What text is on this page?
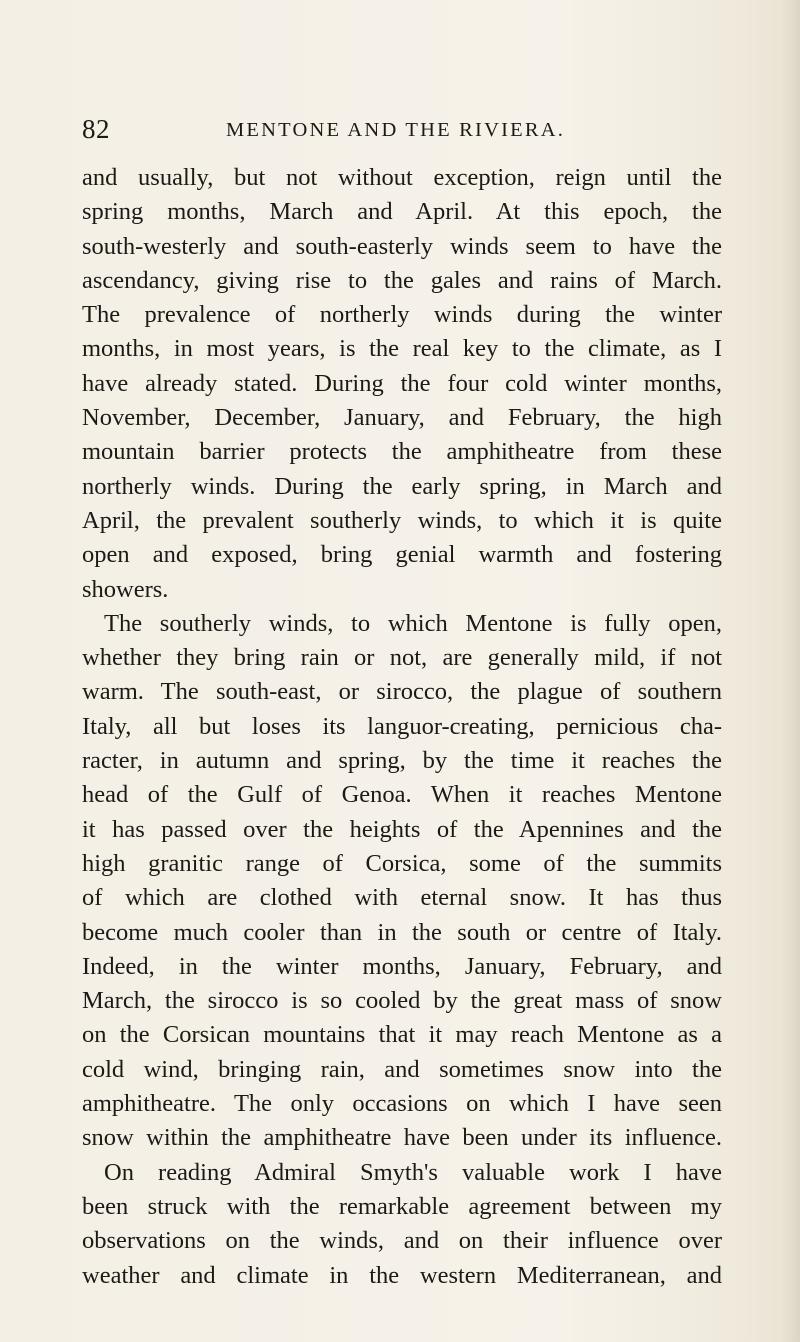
82	MENTONE AND THE RIVIERA.
and usually, but not without exception, reign until the
spring months, March and April. At this epoch, the
south-westerly and south-easterly winds seem to have the
ascendancy, giving rise to the gales and rains of March.
The prevalence of northerly winds during the winter
months, in most years, is the real key to the climate, as I
have already stated. During the four cold winter months,
November, December, January, and February, the high
mountain barrier protects the amphitheatre from these
northerly winds. During the early spring, in March and
April, the prevalent southerly winds, to which it is quite
open and exposed, bring genial warmth and fostering
showers.
The southerly winds, to which Mentone is fully open,
whether they bring rain or not, are generally mild, if not
warm. The south-east, or sirocco, the plague of southern
Italy, all but loses its languor-creating, pernicious cha-
racter, in autumn and spring, by the time it reaches the
head of the Gulf of Genoa. When it reaches Mentone
it has passed over the heights of the Apennines and the
high granitic range of Corsica, some of the summits
of which are clothed with eternal snow. It has thus
become much cooler than in the south or centre of Italy.
Indeed, in the winter months, January, February, and
March, the sirocco is so cooled by the great mass of snow
on the Corsican mountains that it may reach Mentone as a
cold wind, bringing rain, and sometimes snow into the
amphitheatre. The only occasions on which I have seen
snow within the amphitheatre have been under its influence.
On reading Admiral Smyth's valuable work I have
been struck with the remarkable agreement between my
observations on the winds, and on their influence over
weather and climate in the western Mediterranean, and
